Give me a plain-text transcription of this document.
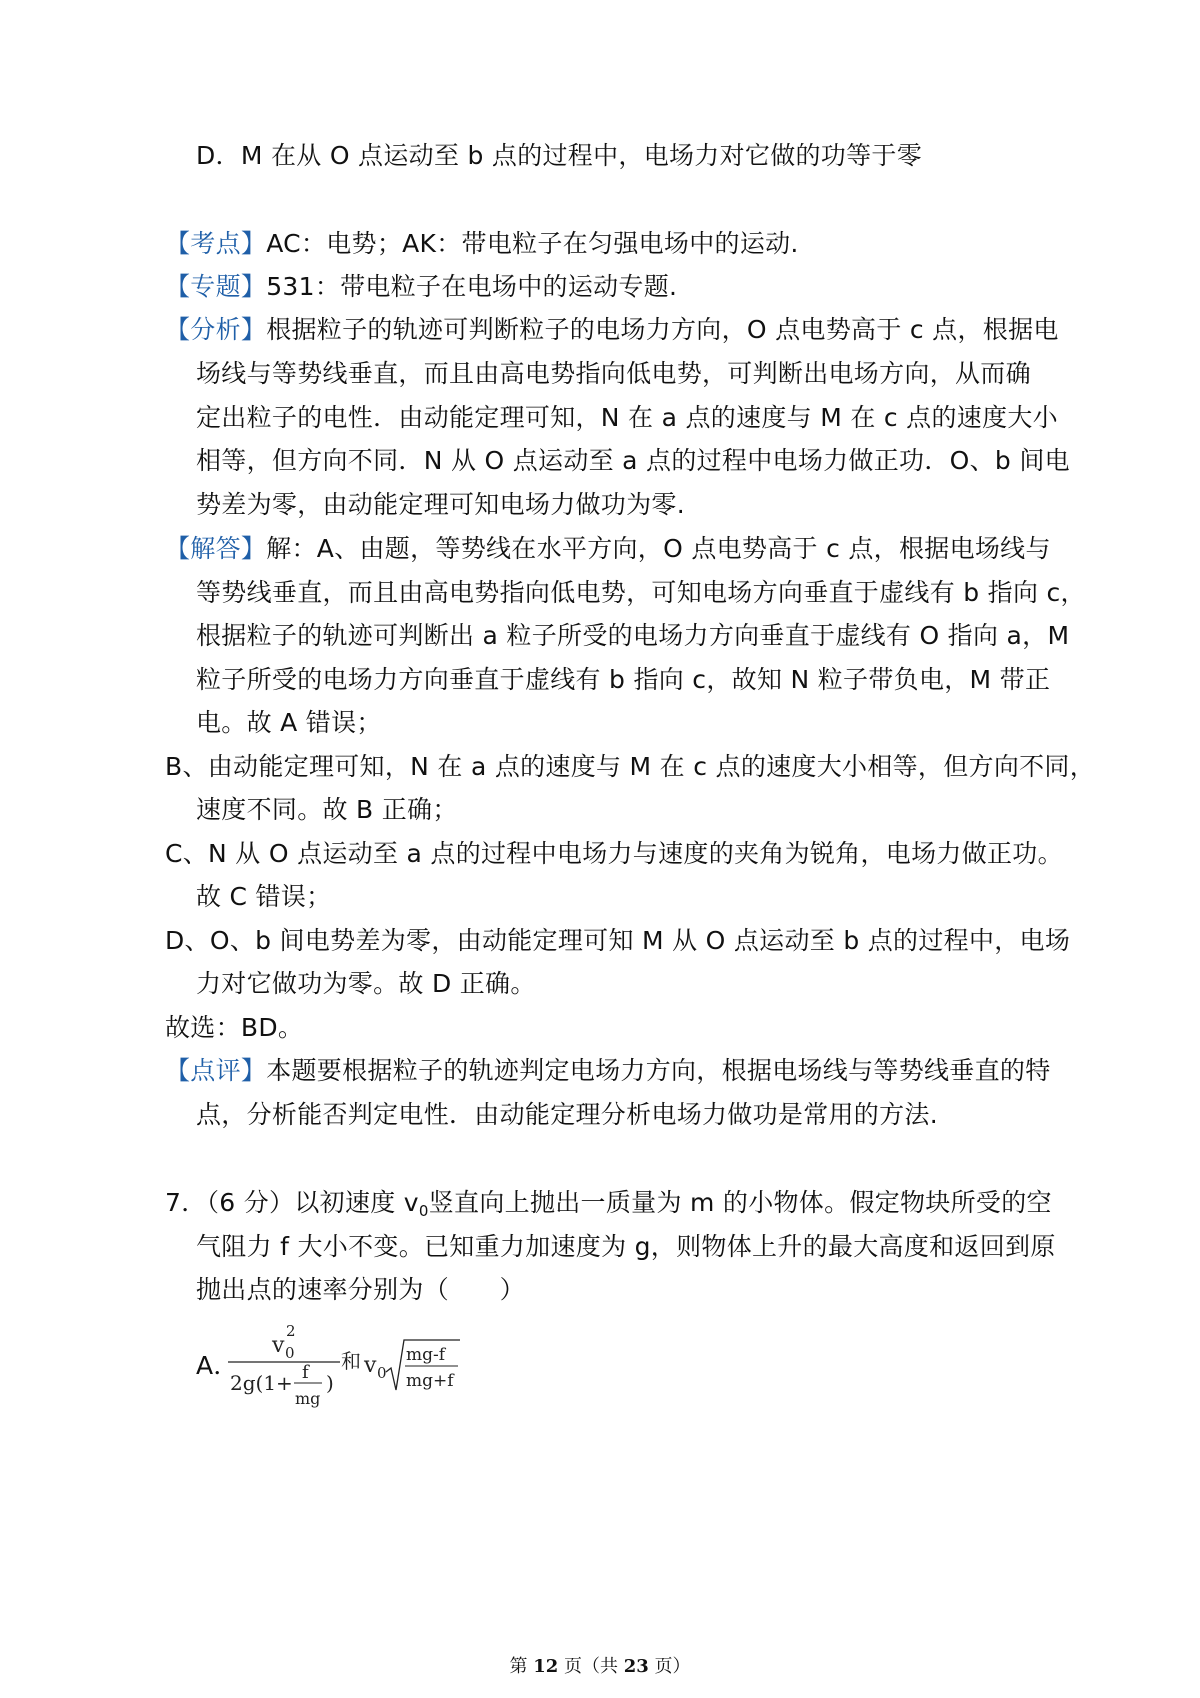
D．M 在从 O 点运动至 b 点的过程中，电场力对它做的功等于零
【考点】AC：电势；AK：带电粒子在匀强电场中的运动.
【专题】531：带电粒子在电场中的运动专题.
【分析】根据粒子的轨迹可判断粒子的电场力方向，O 点电势高于 c 点，根据电
场线与等势线垂直，而且由高电势指向低电势，可判断出电场方向，从而确
定出粒子的电性．由动能定理可知，N 在 a 点的速度与 M 在 c 点的速度大小
相等，但方向不同．N 从 O 点运动至 a 点的过程中电场力做正功．O、b 间电
势差为零，由动能定理可知电场力做功为零.
【解答】解：A、由题，等势线在水平方向，O 点电势高于 c 点，根据电场线与
等势线垂直，而且由高电势指向低电势，可知电场方向垂直于虚线有 b 指向 c，
根据粒子的轨迹可判断出 a 粒子所受的电场力方向垂直于虚线有 O 指向 a，M
粒子所受的电场力方向垂直于虚线有 b 指向 c，故知 N 粒子带负电，M 带正
电。故 A 错误；
B、由动能定理可知，N 在 a 点的速度与 M 在 c 点的速度大小相等，但方向不同，
速度不同。故 B 正确；
C、N 从 O 点运动至 a 点的过程中电场力与速度的夹角为锐角，电场力做正功。
故 C 错误；
D、O、b 间电势差为零，由动能定理可知 M 从 O 点运动至 b 点的过程中，电场
力对它做功为零。故 D 正确。
故选：BD。
【点评】本题要根据粒子的轨迹判定电场力方向，根据电场线与等势线垂直的特
点，分析能否判定电性．由动能定理分析电场力做功是常用的方法.
7．（6 分）以初速度 $v_0$竖直向上抛出一质量为 m 的小物体。假定物块所受的空
气阻力 f 大小不变。已知重力加速度为 g，则物体上升的最大高度和返回到原
抛出点的速率分别为（　　）
A．
v
2
0
2g(1+ f
mg
)
和 v 0
mg-f
mg+f
第 12 页（共 23 页）
